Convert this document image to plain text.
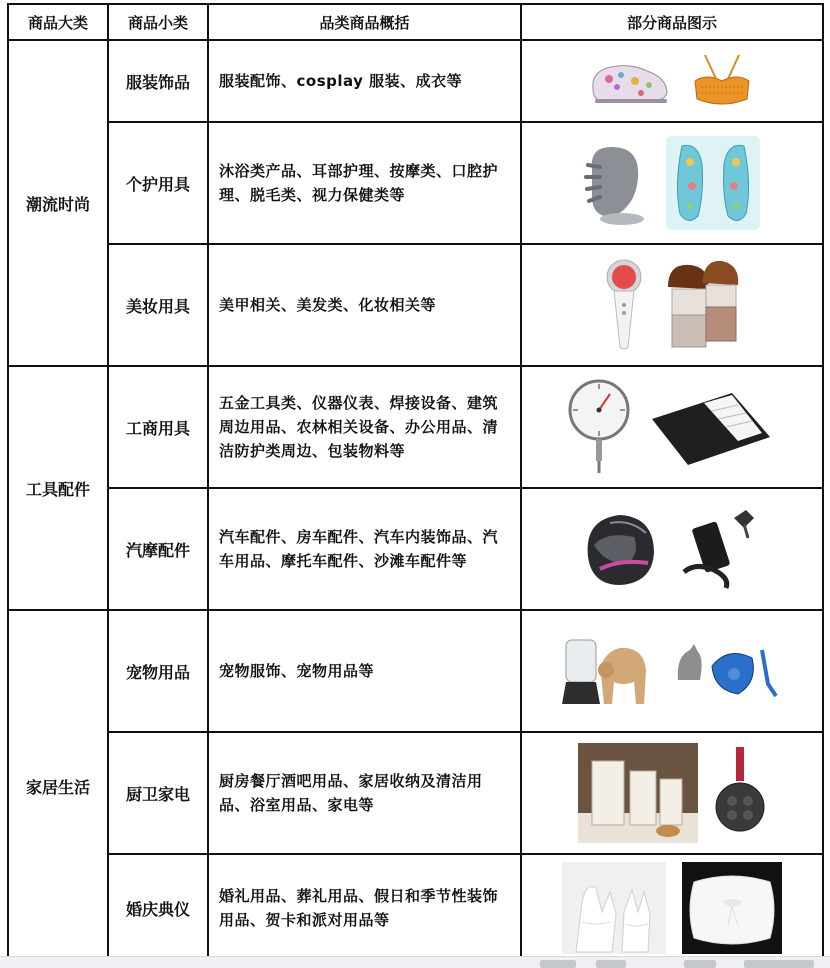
商品大类	商品小类	品类商品概括	部分商品图示
潮流时尚	服装饰品	服装配饰、cosplay 服装、成衣等	

	个护用具	沐浴类产品、耳部护理、按摩类、口腔护理、脱毛类、视力保健类等	

	美妆用具	美甲相关、美发类、化妆相关等	

工具配件	工商用具	五金工具类、仪器仪表、焊接设备、建筑周边用品、农林相关设备、办公用品、清洁防护类周边、包装物料等	

	汽摩配件	汽车配件、房车配件、汽车内装饰品、汽车用品、摩托车配件、沙滩车配件等	

家居生活	宠物用品	宠物服饰、宠物用品等	

	厨卫家电	厨房餐厅酒吧用品、家居收纳及清洁用品、浴室用品、家电等	

	婚庆典仪	婚礼用品、葬礼用品、假日和季节性装饰用品、贺卡和派对用品等	
